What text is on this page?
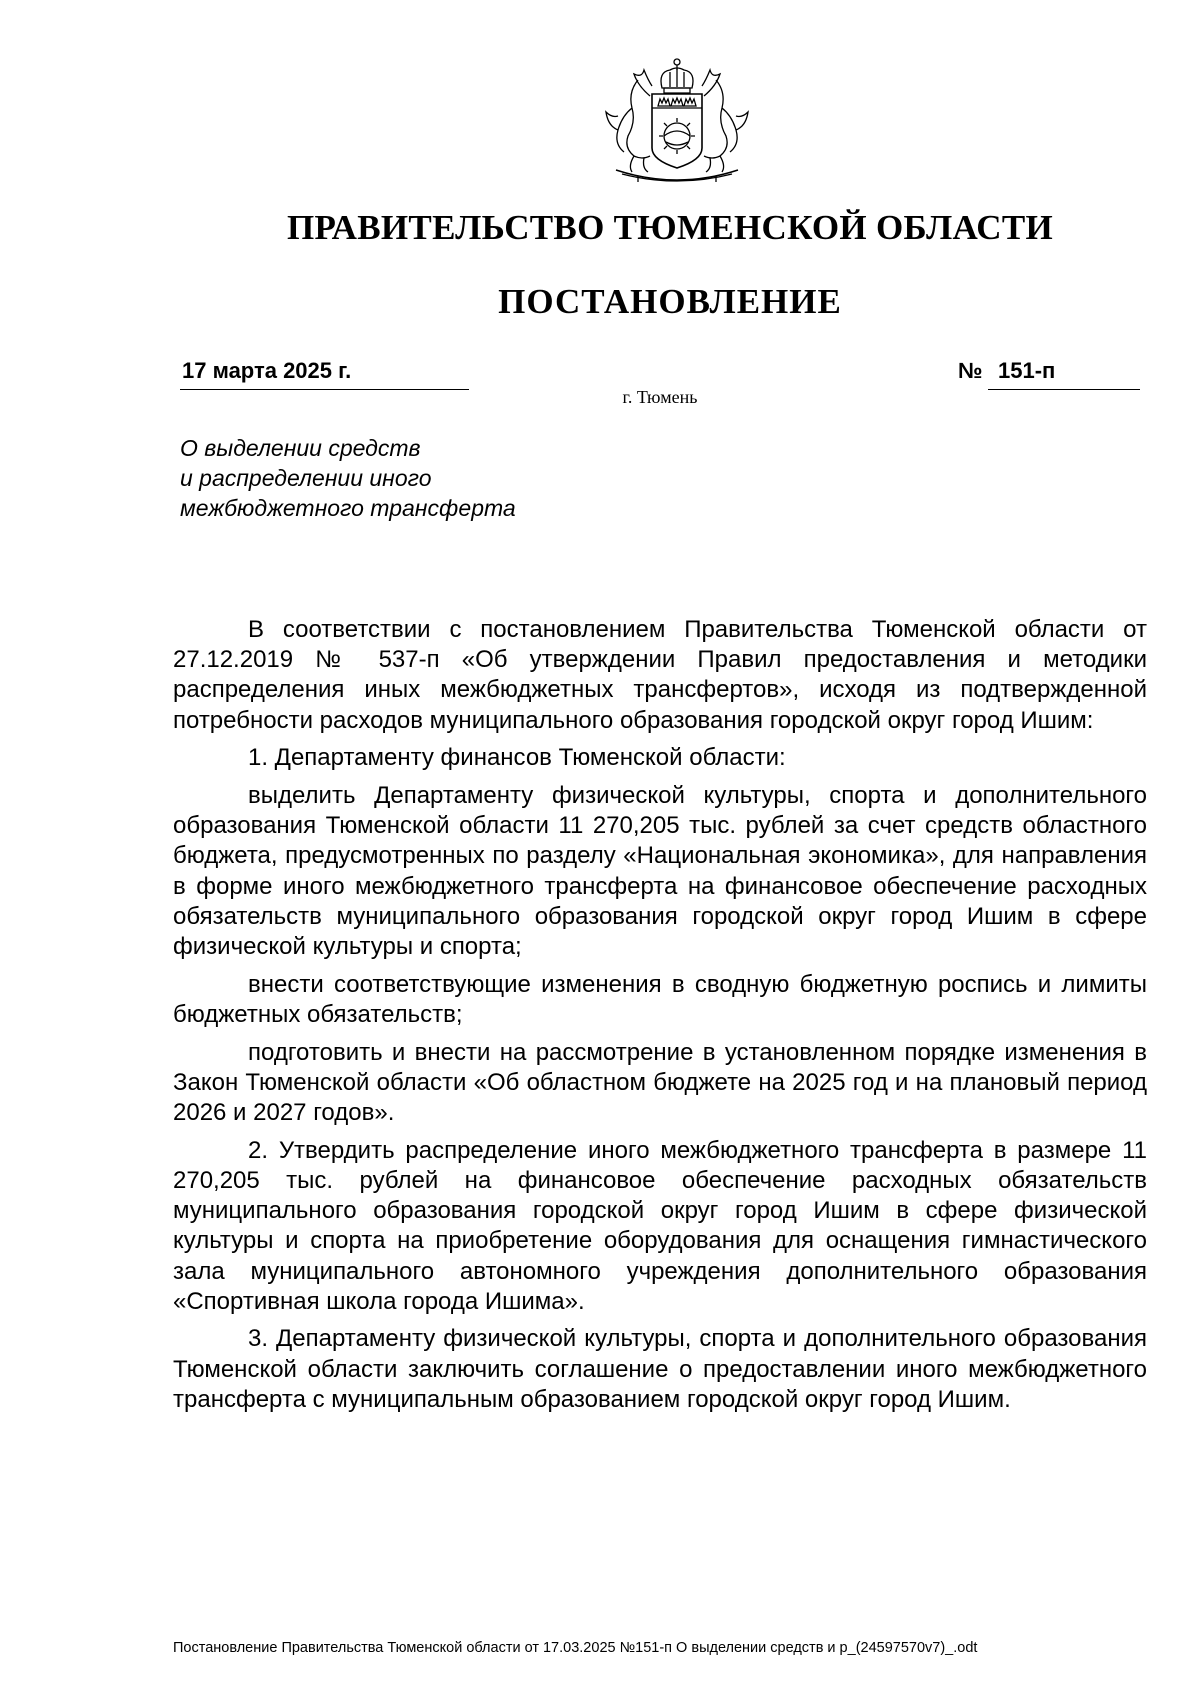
ПРАВИТЕЛЬСТВО ТЮМЕНСКОЙ ОБЛАСТИ
ПОСТАНОВЛЕНИЕ
17 марта 2025 г.	№ 151-п
г. Тюмень
О выделении средств
и распределении иного
межбюджетного трансферта

В соответствии с постановлением Правительства Тюменской области от 27.12.2019 № 537-п «Об утверждении Правил предоставления и методики распределения иных межбюджетных трансфертов», исходя из подтвержденной потребности расходов муниципального образования городской округ город Ишим:

1. Департаменту финансов Тюменской области:

выделить Департаменту физической культуры, спорта и дополнительного образования Тюменской области 11 270,205 тыс. рублей за счет средств областного бюджета, предусмотренных по разделу «Национальная экономика», для направления в форме иного межбюджетного трансферта на финансовое обеспечение расходных обязательств муниципального образования городской округ город Ишим в сфере физической культуры и спорта;

внести соответствующие изменения в сводную бюджетную роспись и лимиты бюджетных обязательств;

подготовить и внести на рассмотрение в установленном порядке изменения в Закон Тюменской области «Об областном бюджете на 2025 год и на плановый период 2026 и 2027 годов».

2. Утвердить распределение иного межбюджетного трансферта в размере 11 270,205 тыс. рублей на финансовое обеспечение расходных обязательств муниципального образования городской округ город Ишим в сфере физической культуры и спорта на приобретение оборудования для оснащения гимнастического зала муниципального автономного учреждения дополнительного образования «Спортивная школа города Ишима».

3. Департаменту физической культуры, спорта и дополнительного образования Тюменской области заключить соглашение о предоставлении иного межбюджетного трансферта с муниципальным образованием городской округ город Ишим.

Постановление Правительства Тюменской области от 17.03.2025 №151-п О выделении средств и р_(24597570v7)_.odt
